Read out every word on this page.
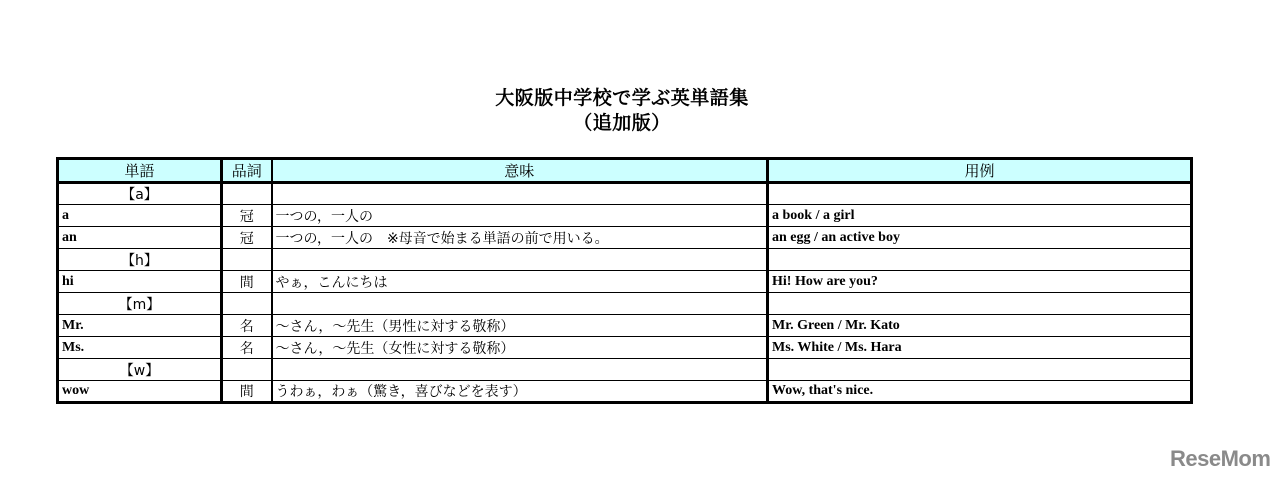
大阪版中学校で学ぶ英単語集
（追加版）
単語	品詞	意味	用例
【a】			
a	冠	一つの，一人の	a book / a girl
an	冠	一つの，一人の　※母音で始まる単語の前で用いる。	an egg / an active boy
【h】			
hi	間	やぁ，こんにちは	Hi! How are you?
【m】			
Mr.	名	～さん，～先生（男性に対する敬称）	Mr. Green / Mr. Kato
Ms.	名	～さん，～先生（女性に対する敬称）	Ms. White / Ms. Hara
【w】			
wow	間	うわぁ，わぁ（驚き，喜びなどを表す）	Wow, that's nice.
ReseMom
